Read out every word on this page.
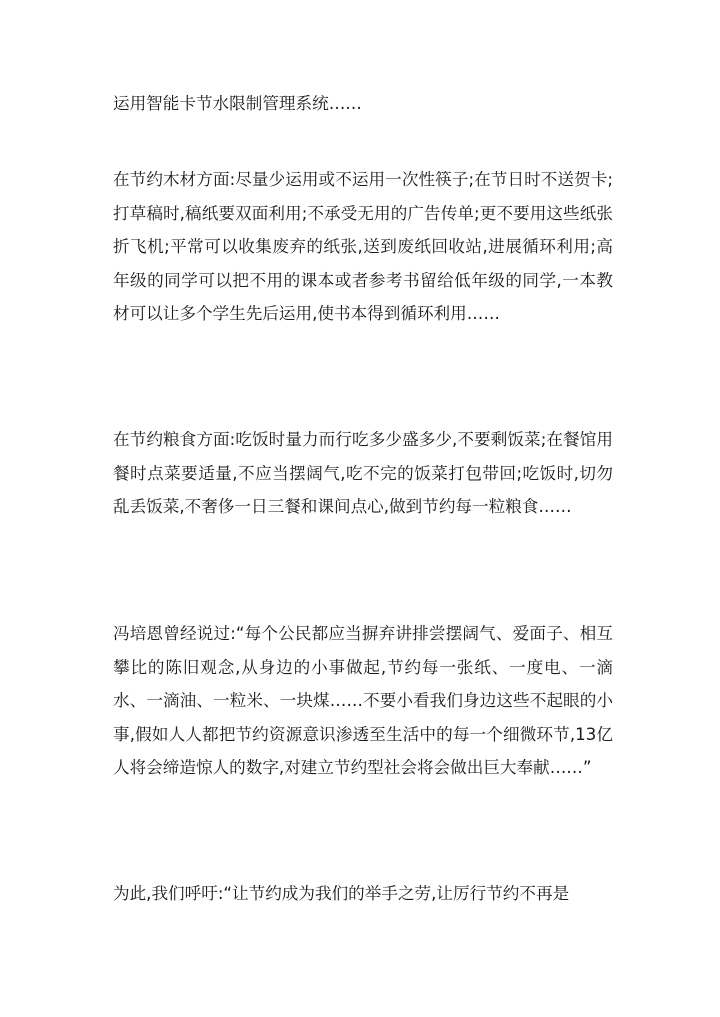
运用智能卡节水限制管理系统……

在节约木材方面:尽量少运用或不运用一次性筷子;在节日时不送贺卡;打草稿时,稿纸要双面利用;不承受无用的广告传单;更不要用这些纸张折飞机;平常可以收集废弃的纸张,送到废纸回收站,进展循环利用;高年级的同学可以把不用的课本或者参考书留给低年级的同学,一本教材可以让多个学生先后运用,使书本得到循环利用……

在节约粮食方面:吃饭时量力而行吃多少盛多少,不要剩饭菜;在餐馆用餐时点菜要适量,不应当摆阔气,吃不完的饭菜打包带回;吃饭时,切勿乱丢饭菜,不奢侈一日三餐和课间点心,做到节约每一粒粮食……

冯培恩曾经说过:“每个公民都应当摒弃讲排尝摆阔气、爱面子、相互攀比的陈旧观念,从身边的小事做起,节约每一张纸、一度电、一滴水、一滴油、一粒米、一块煤……不要小看我们身边这些不起眼的小事,假如人人都把节约资源意识渗透至生活中的每一个细微环节,13亿人将会缔造惊人的数字,对建立节约型社会将会做出巨大奉献……”

为此,我们呼吁:“让节约成为我们的举手之劳,让厉行节约不再是
